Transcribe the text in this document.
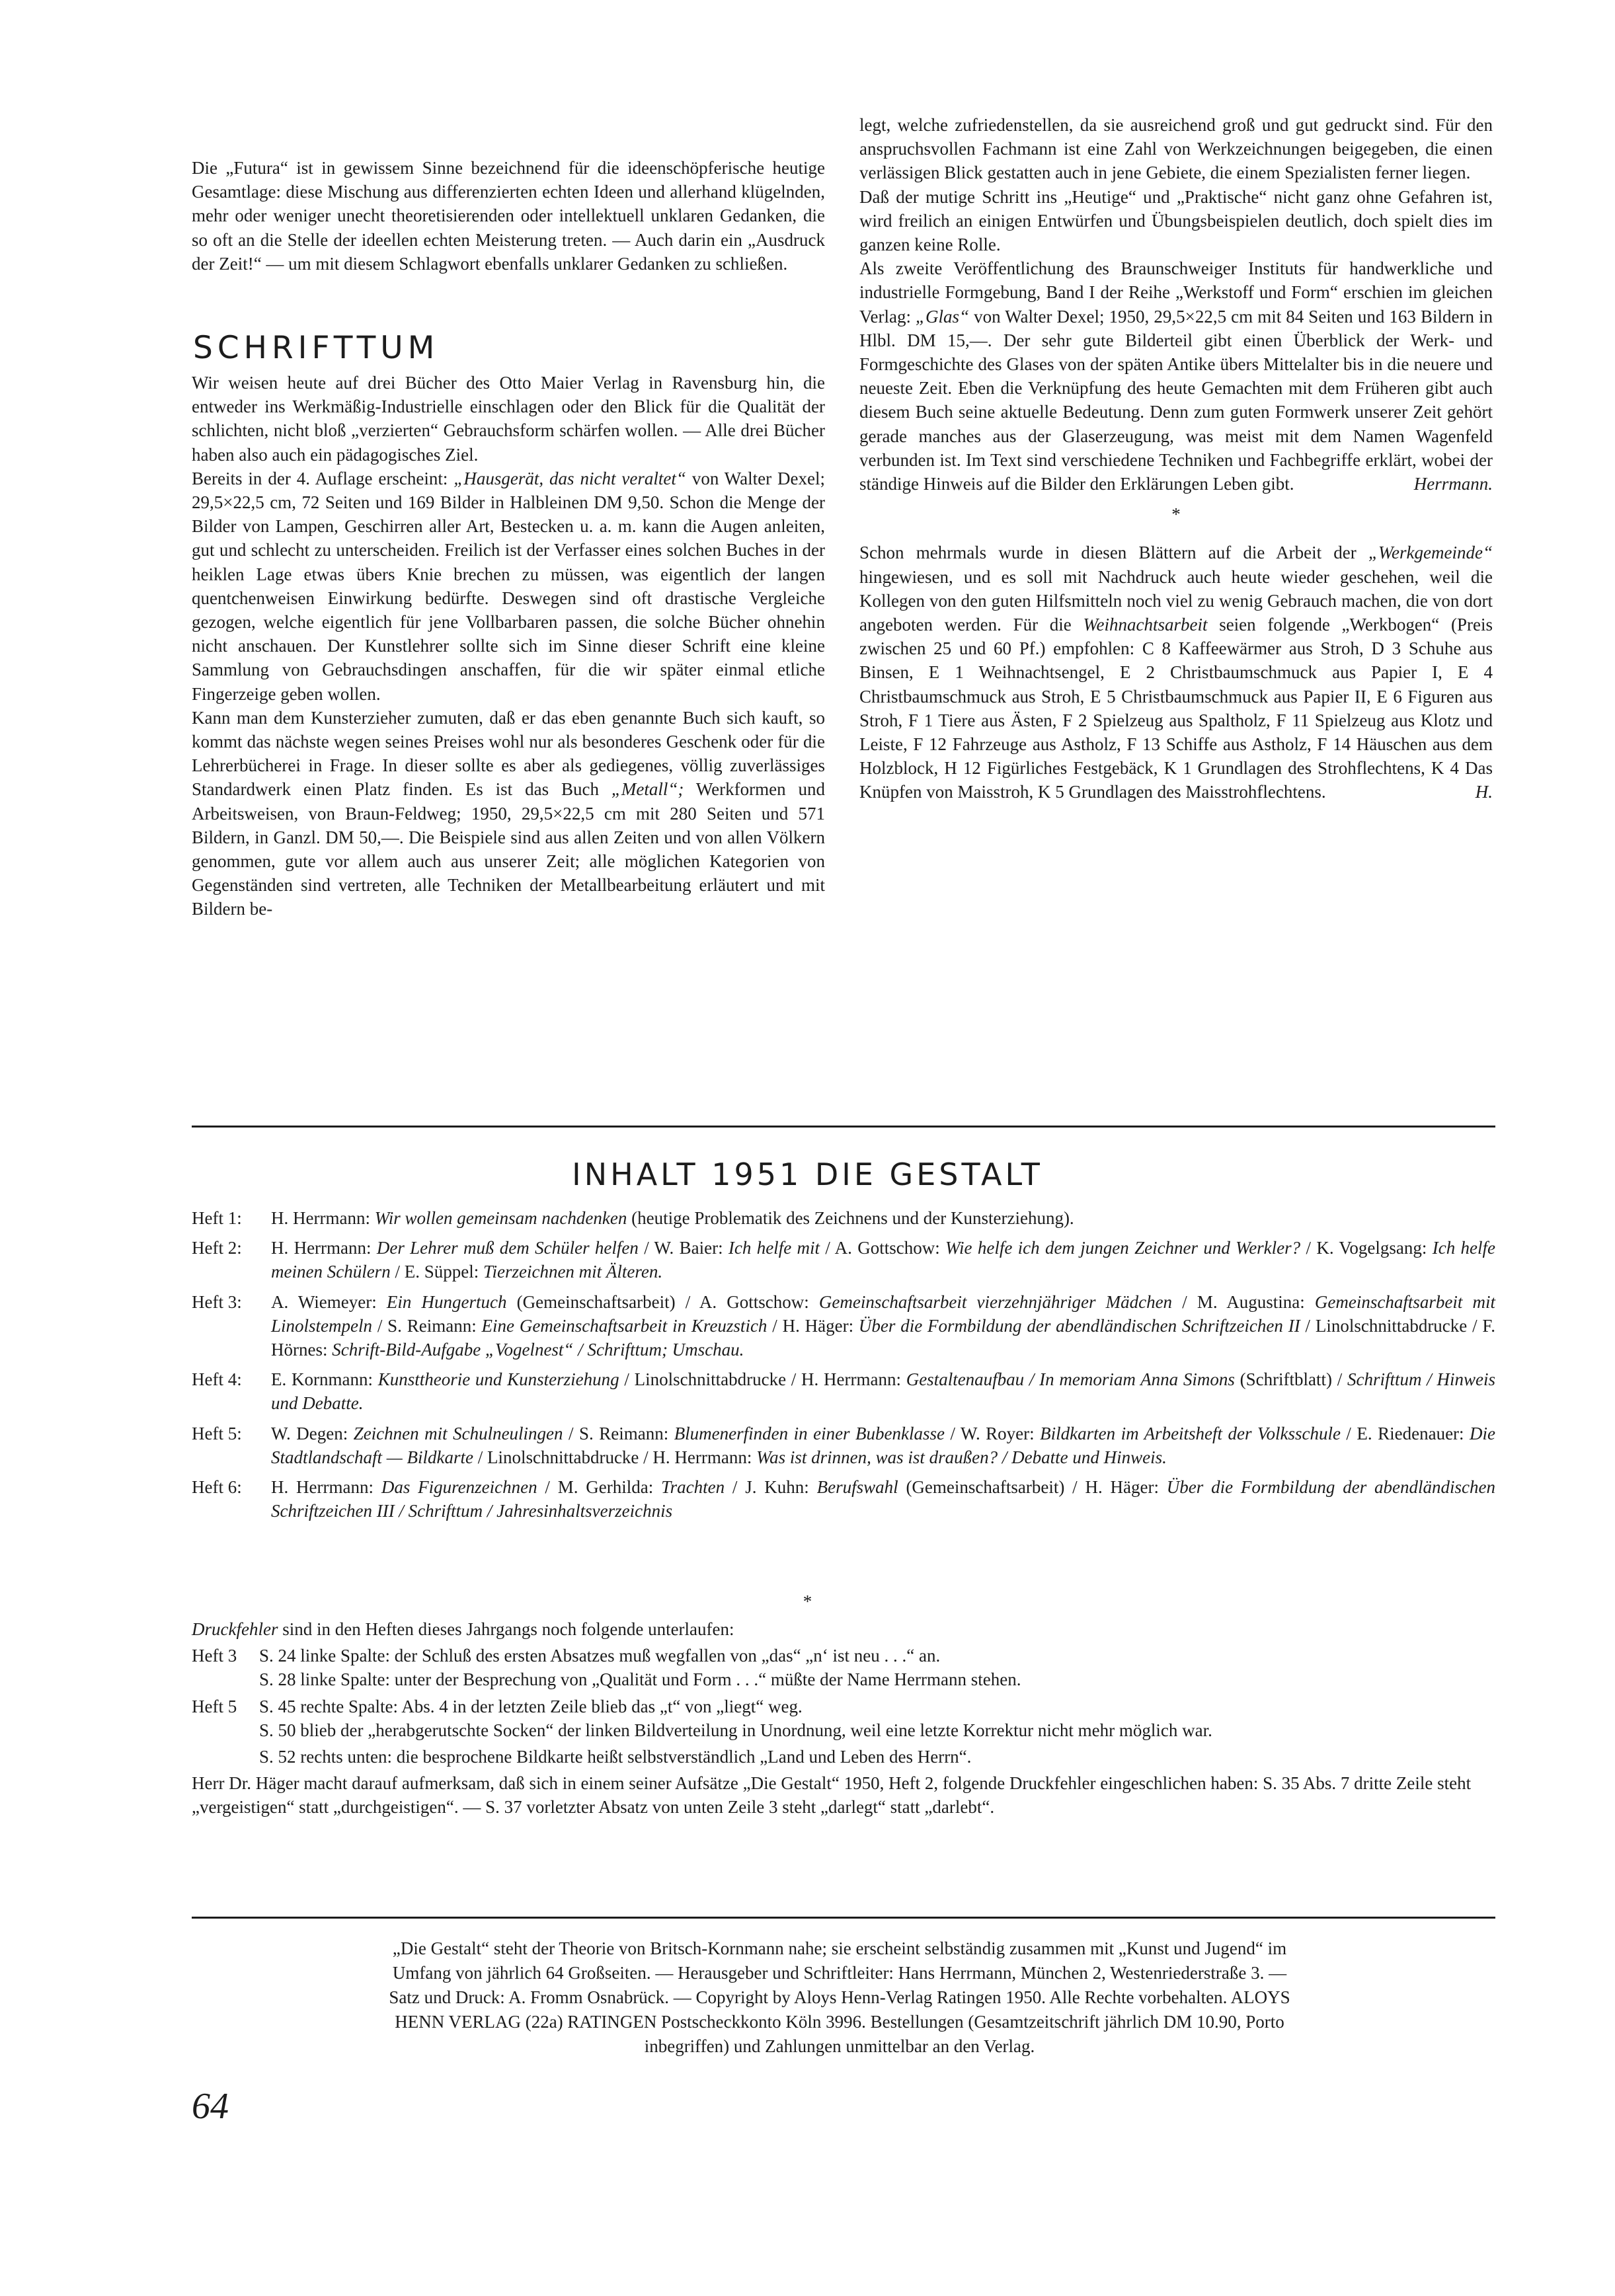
Die „Futura“ ist in gewissem Sinne bezeichnend für die ideenschöpferische heutige Gesamtlage: diese Mischung aus differenzierten echten Ideen und allerhand klügelnden, mehr oder weniger unecht theoretisierenden oder intellektuell unklaren Gedanken, die so oft an die Stelle der ideellen echten Meisterung treten. — Auch darin ein „Ausdruck der Zeit!“ — um mit diesem Schlagwort ebenfalls unklarer Gedanken zu schließen.

SCHRIFTTUM

Wir weisen heute auf drei Bücher des Otto Maier Verlag in Ravensburg hin, die entweder ins Werkmäßig-Industrielle einschlagen oder den Blick für die Qualität der schlichten, nicht bloß „verzierten“ Gebrauchsform schärfen wollen. — Alle drei Bücher haben also auch ein pädagogisches Ziel.

Bereits in der 4. Auflage erscheint: „Hausgerät, das nicht veraltet“ von Walter Dexel; 29,5×22,5 cm, 72 Seiten und 169 Bilder in Halbleinen DM 9,50. Schon die Menge der Bilder von Lampen, Geschirren aller Art, Bestecken u. a. m. kann die Augen anleiten, gut und schlecht zu unterscheiden. Freilich ist der Verfasser eines solchen Buches in der heiklen Lage etwas übers Knie brechen zu müssen, was eigentlich der langen quentchenweisen Einwirkung bedürfte. Deswegen sind oft drastische Vergleiche gezogen, welche eigentlich für jene Vollbarbaren passen, die solche Bücher ohnehin nicht anschauen. Der Kunstlehrer sollte sich im Sinne dieser Schrift eine kleine Sammlung von Gebrauchsdingen anschaffen, für die wir später einmal etliche Fingerzeige geben wollen.

Kann man dem Kunsterzieher zumuten, daß er das eben genannte Buch sich kauft, so kommt das nächste wegen seines Preises wohl nur als besonderes Geschenk oder für die Lehrerbücherei in Frage. In dieser sollte es aber als gediegenes, völlig zuverlässiges Standardwerk einen Platz finden. Es ist das Buch „Metall“; Werkformen und Arbeitsweisen, von Braun-Feldweg; 1950, 29,5×22,5 cm mit 280 Seiten und 571 Bildern, in Ganzl. DM 50,—. Die Beispiele sind aus allen Zeiten und von allen Völkern genommen, gute vor allem auch aus unserer Zeit; alle möglichen Kategorien von Gegenständen sind vertreten, alle Techniken der Metallbearbeitung erläutert und mit Bildern be-

legt, welche zufriedenstellen, da sie ausreichend groß und gut gedruckt sind. Für den anspruchsvollen Fachmann ist eine Zahl von Werkzeichnungen beigegeben, die einen verlässigen Blick gestatten auch in jene Gebiete, die einem Spezialisten ferner liegen.

Daß der mutige Schritt ins „Heutige“ und „Praktische“ nicht ganz ohne Gefahren ist, wird freilich an einigen Entwürfen und Übungsbeispielen deutlich, doch spielt dies im ganzen keine Rolle.

Als zweite Veröffentlichung des Braunschweiger Instituts für handwerkliche und industrielle Formgebung, Band I der Reihe „Werkstoff und Form“ erschien im gleichen Verlag: „Glas“ von Walter Dexel; 1950, 29,5×22,5 cm mit 84 Seiten und 163 Bildern in Hlbl. DM 15,—. Der sehr gute Bilderteil gibt einen Überblick der Werk- und Formgeschichte des Glases von der späten Antike übers Mittelalter bis in die neuere und neueste Zeit. Eben die Verknüpfung des heute Gemachten mit dem Früheren gibt auch diesem Buch seine aktuelle Bedeutung. Denn zum guten Formwerk unserer Zeit gehört gerade manches aus der Glaserzeugung, was meist mit dem Namen Wagenfeld verbunden ist. Im Text sind verschiedene Techniken und Fachbegriffe erklärt, wobei der ständige Hinweis auf die Bilder den Erklärungen Leben gibt.	Herrmann.

*

Schon mehrmals wurde in diesen Blättern auf die Arbeit der „Werkgemeinde“ hingewiesen, und es soll mit Nachdruck auch heute wieder geschehen, weil die Kollegen von den guten Hilfsmitteln noch viel zu wenig Gebrauch machen, die von dort angeboten werden. Für die Weihnachtsarbeit seien folgende „Werkbogen“ (Preis zwischen 25 und 60 Pf.) empfohlen: C 8 Kaffeewärmer aus Stroh, D 3 Schuhe aus Binsen, E 1 Weihnachtsengel, E 2 Christbaumschmuck aus Papier I, E 4 Christbaumschmuck aus Stroh, E 5 Christbaumschmuck aus Papier II, E 6 Figuren aus Stroh, F 1 Tiere aus Ästen, F 2 Spielzeug aus Spaltholz, F 11 Spielzeug aus Klotz und Leiste, F 12 Fahrzeuge aus Astholz, F 13 Schiffe aus Astholz, F 14 Häuschen aus dem Holzblock, H 12 Figürliches Festgebäck, K 1 Grundlagen des Strohflechtens, K 4 Das Knüpfen von Maisstroh, K 5 Grundlagen des Maisstrohflechtens.	H.

INHALT 1951 DIE GESTALT
Heft 1:	H. Herrmann: Wir wollen gemeinsam nachdenken (heutige Problematik des Zeichnens und der Kunsterziehung).
Heft 2:	H. Herrmann: Der Lehrer muß dem Schüler helfen / W. Baier: Ich helfe mit / A. Gottschow: Wie helfe ich dem jungen Zeichner und Werkler? / K. Vogelgsang: Ich helfe meinen Schülern / E. Süppel: Tierzeichnen mit Älteren.
Heft 3:	A. Wiemeyer: Ein Hungertuch (Gemeinschaftsarbeit) / A. Gottschow: Gemeinschaftsarbeit vierzehnjähriger Mädchen / M. Augustina: Gemeinschaftsarbeit mit Linolstempeln / S. Reimann: Eine Gemeinschaftsarbeit in Kreuzstich / H. Häger: Über die Formbildung der abendländischen Schriftzeichen II / Linolschnittabdrucke / F. Hörnes: Schrift-Bild-Aufgabe „Vogelnest“ / Schrifttum; Umschau.
Heft 4:	E. Kornmann: Kunsttheorie und Kunsterziehung / Linolschnittabdrucke / H. Herrmann: Gestaltenaufbau / In memoriam Anna Simons (Schriftblatt) / Schrifttum / Hinweis und Debatte.
Heft 5:	W. Degen: Zeichnen mit Schulneulingen / S. Reimann: Blumenerfinden in einer Bubenklasse / W. Royer: Bildkarten im Arbeitsheft der Volksschule / E. Riedenauer: Die Stadtlandschaft — Bildkarte / Linolschnittabdrucke / H. Herrmann: Was ist drinnen, was ist draußen? / Debatte und Hinweis.
Heft 6:	H. Herrmann: Das Figurenzeichnen / M. Gerhilda: Trachten / J. Kuhn: Berufswahl (Gemeinschaftsarbeit) / H. Häger: Über die Formbildung der abendländischen Schriftzeichen III / Schrifttum / Jahresinhaltsverzeichnis
*

Druckfehler sind in den Heften dieses Jahrgangs noch folgende unterlaufen:

Heft 3	S. 24 linke Spalte: der Schluß des ersten Absatzes muß wegfallen von „das“ „n‘ ist neu . . .“ an.

S. 28 linke Spalte: unter der Besprechung von „Qualität und Form . . .“ müßte der Name Herrmann stehen.

Heft 5	S. 45 rechte Spalte: Abs. 4 in der letzten Zeile blieb das „t“ von „liegt“ weg.

S. 50 blieb der „herabgerutschte Socken“ der linken Bildverteilung in Unordnung, weil eine letzte Korrektur nicht mehr möglich war.

S. 52 rechts unten: die besprochene Bildkarte heißt selbstverständlich „Land und Leben des Herrn“.

Herr Dr. Häger macht darauf aufmerksam, daß sich in einem seiner Aufsätze „Die Gestalt“ 1950, Heft 2, folgende Druckfehler eingeschlichen haben: S. 35 Abs. 7 dritte Zeile steht „vergeistigen“ statt „durchgeistigen“. — S. 37 vorletzter Absatz von unten Zeile 3 steht „darlegt“ statt „darlebt“.

„Die Gestalt“ steht der Theorie von Britsch-Kornmann nahe; sie erscheint selbständig zusammen mit „Kunst und Jugend“ im
Umfang von jährlich 64 Großseiten. — Herausgeber und Schriftleiter: Hans Herrmann, München 2, Westenriederstraße 3. —
Satz und Druck: A. Fromm Osnabrück. — Copyright by Aloys Henn-Verlag Ratingen 1950. Alle Rechte vorbehalten. ALOYS
HENN VERLAG (22a) RATINGEN Postscheckkonto Köln 3996. Bestellungen (Gesamtzeitschrift jährlich DM 10.90, Porto
inbegriffen) und Zahlungen unmittelbar an den Verlag.
64
